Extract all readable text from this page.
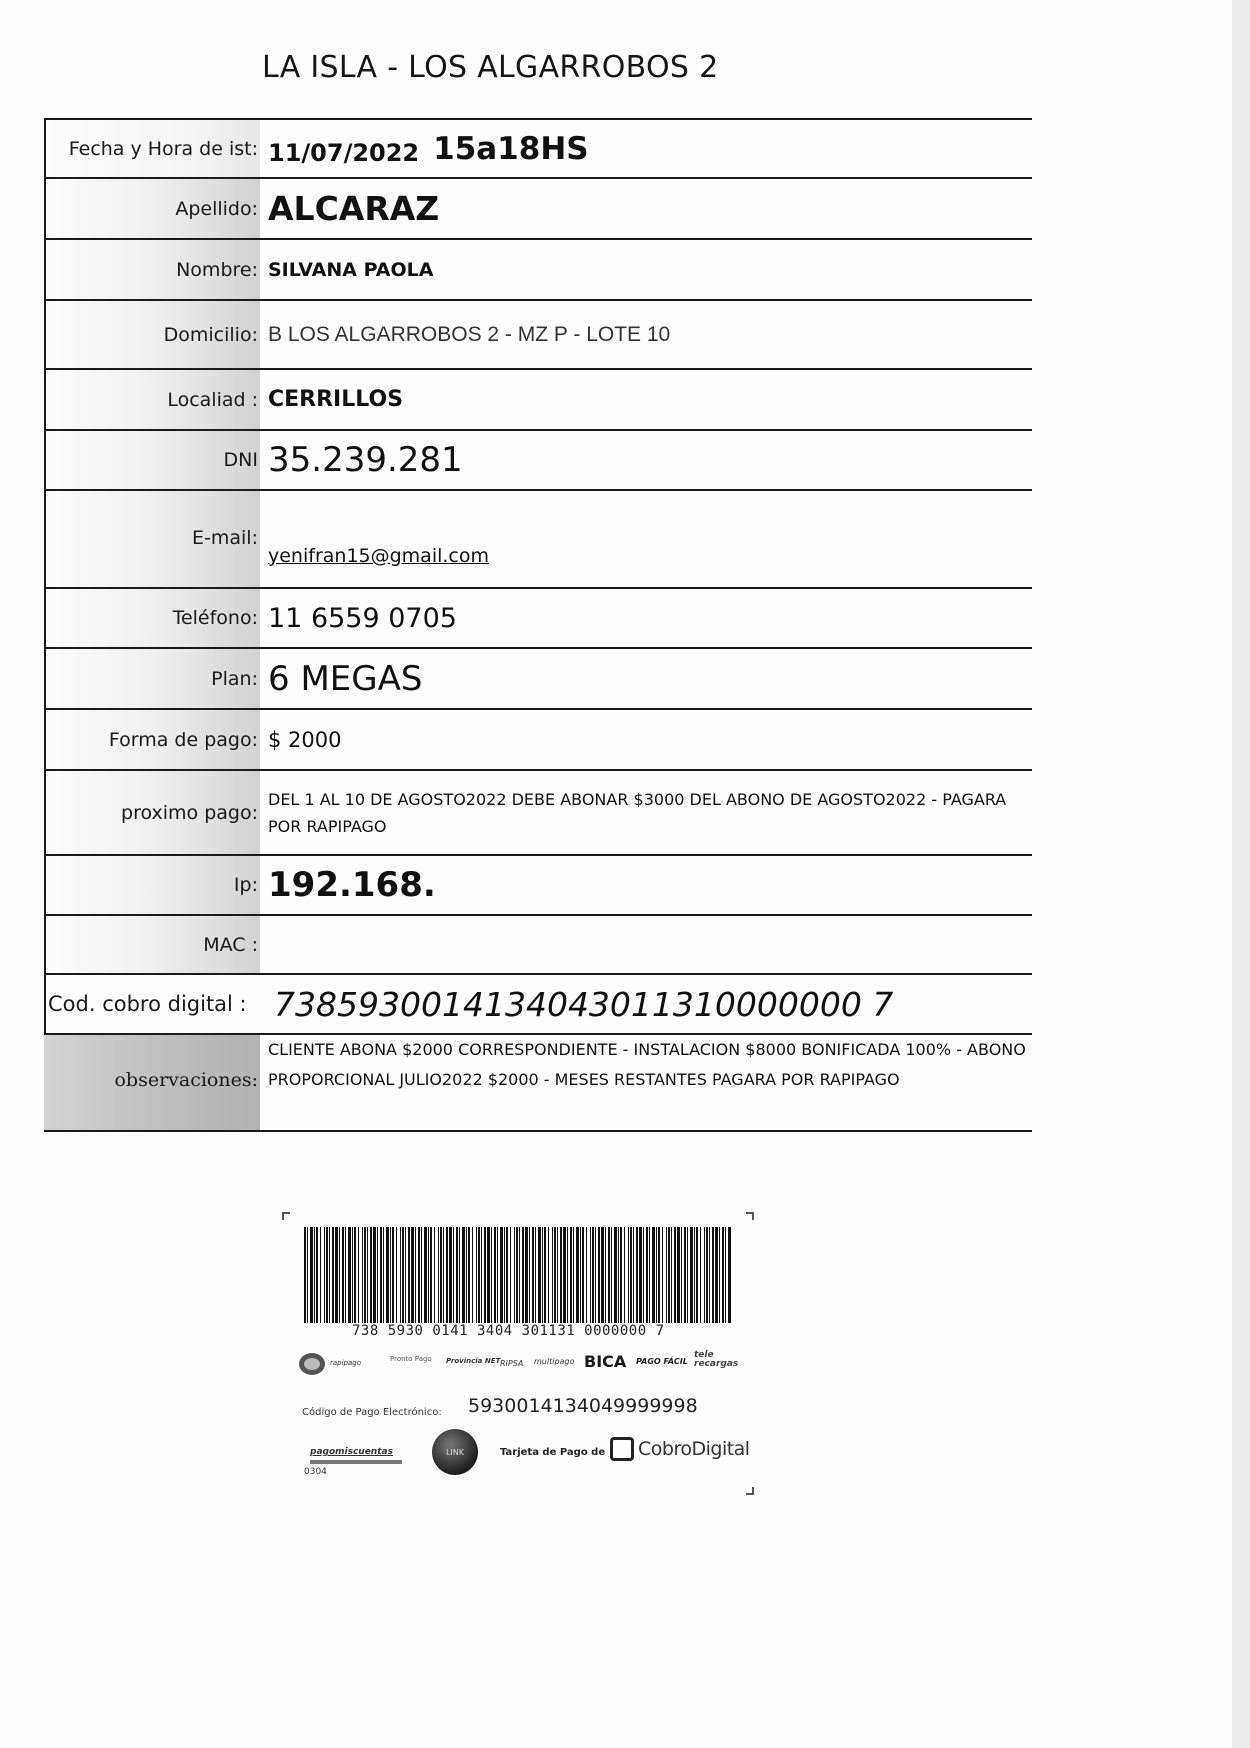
LA ISLA - LOS ALGARROBOS 2
Fecha y Hora de ist: 11/07/2022 15a18HS
Apellido: ALCARAZ
Nombre: SILVANA PAOLA
Domicilio: B LOS ALGARROBOS 2 - MZ P - LOTE 10
Localiad : CERRILLOS
DNI 35.239.281
E-mail:
yenifran15@gmail.com
Teléfono: 11 6559 0705
Plan: 6 MEGAS
Forma de pago: $ 2000
proximo pago:
DEL 1 AL 10 DE AGOSTO2022 DEBE ABONAR $3000 DEL ABONO DE AGOSTO2022 - PAGARA POR RAPIPAGO
Ip: 192.168.
MAC :
Cod. cobro digital : 7385930014134043011310000000 7
observaciones:
CLIENTE ABONA $2000 CORRESPONDIENTE - INSTALACION $8000 BONIFICADA 100% - ABONO PROPORCIONAL JULIO2022 $2000 - MESES RESTANTES PAGARA POR RAPIPAGO
738 5930 0141 3404 301131 0000000 7
rapipago	Pronto Pago Provincia NET RIPSA multipago BICA PAGO FÁCIL
tele recargas
Código de Pago Electrónico: 5930014134049999998
pagomiscuentas
0304
LINK	Tarjeta de Pago de CobroDigital
